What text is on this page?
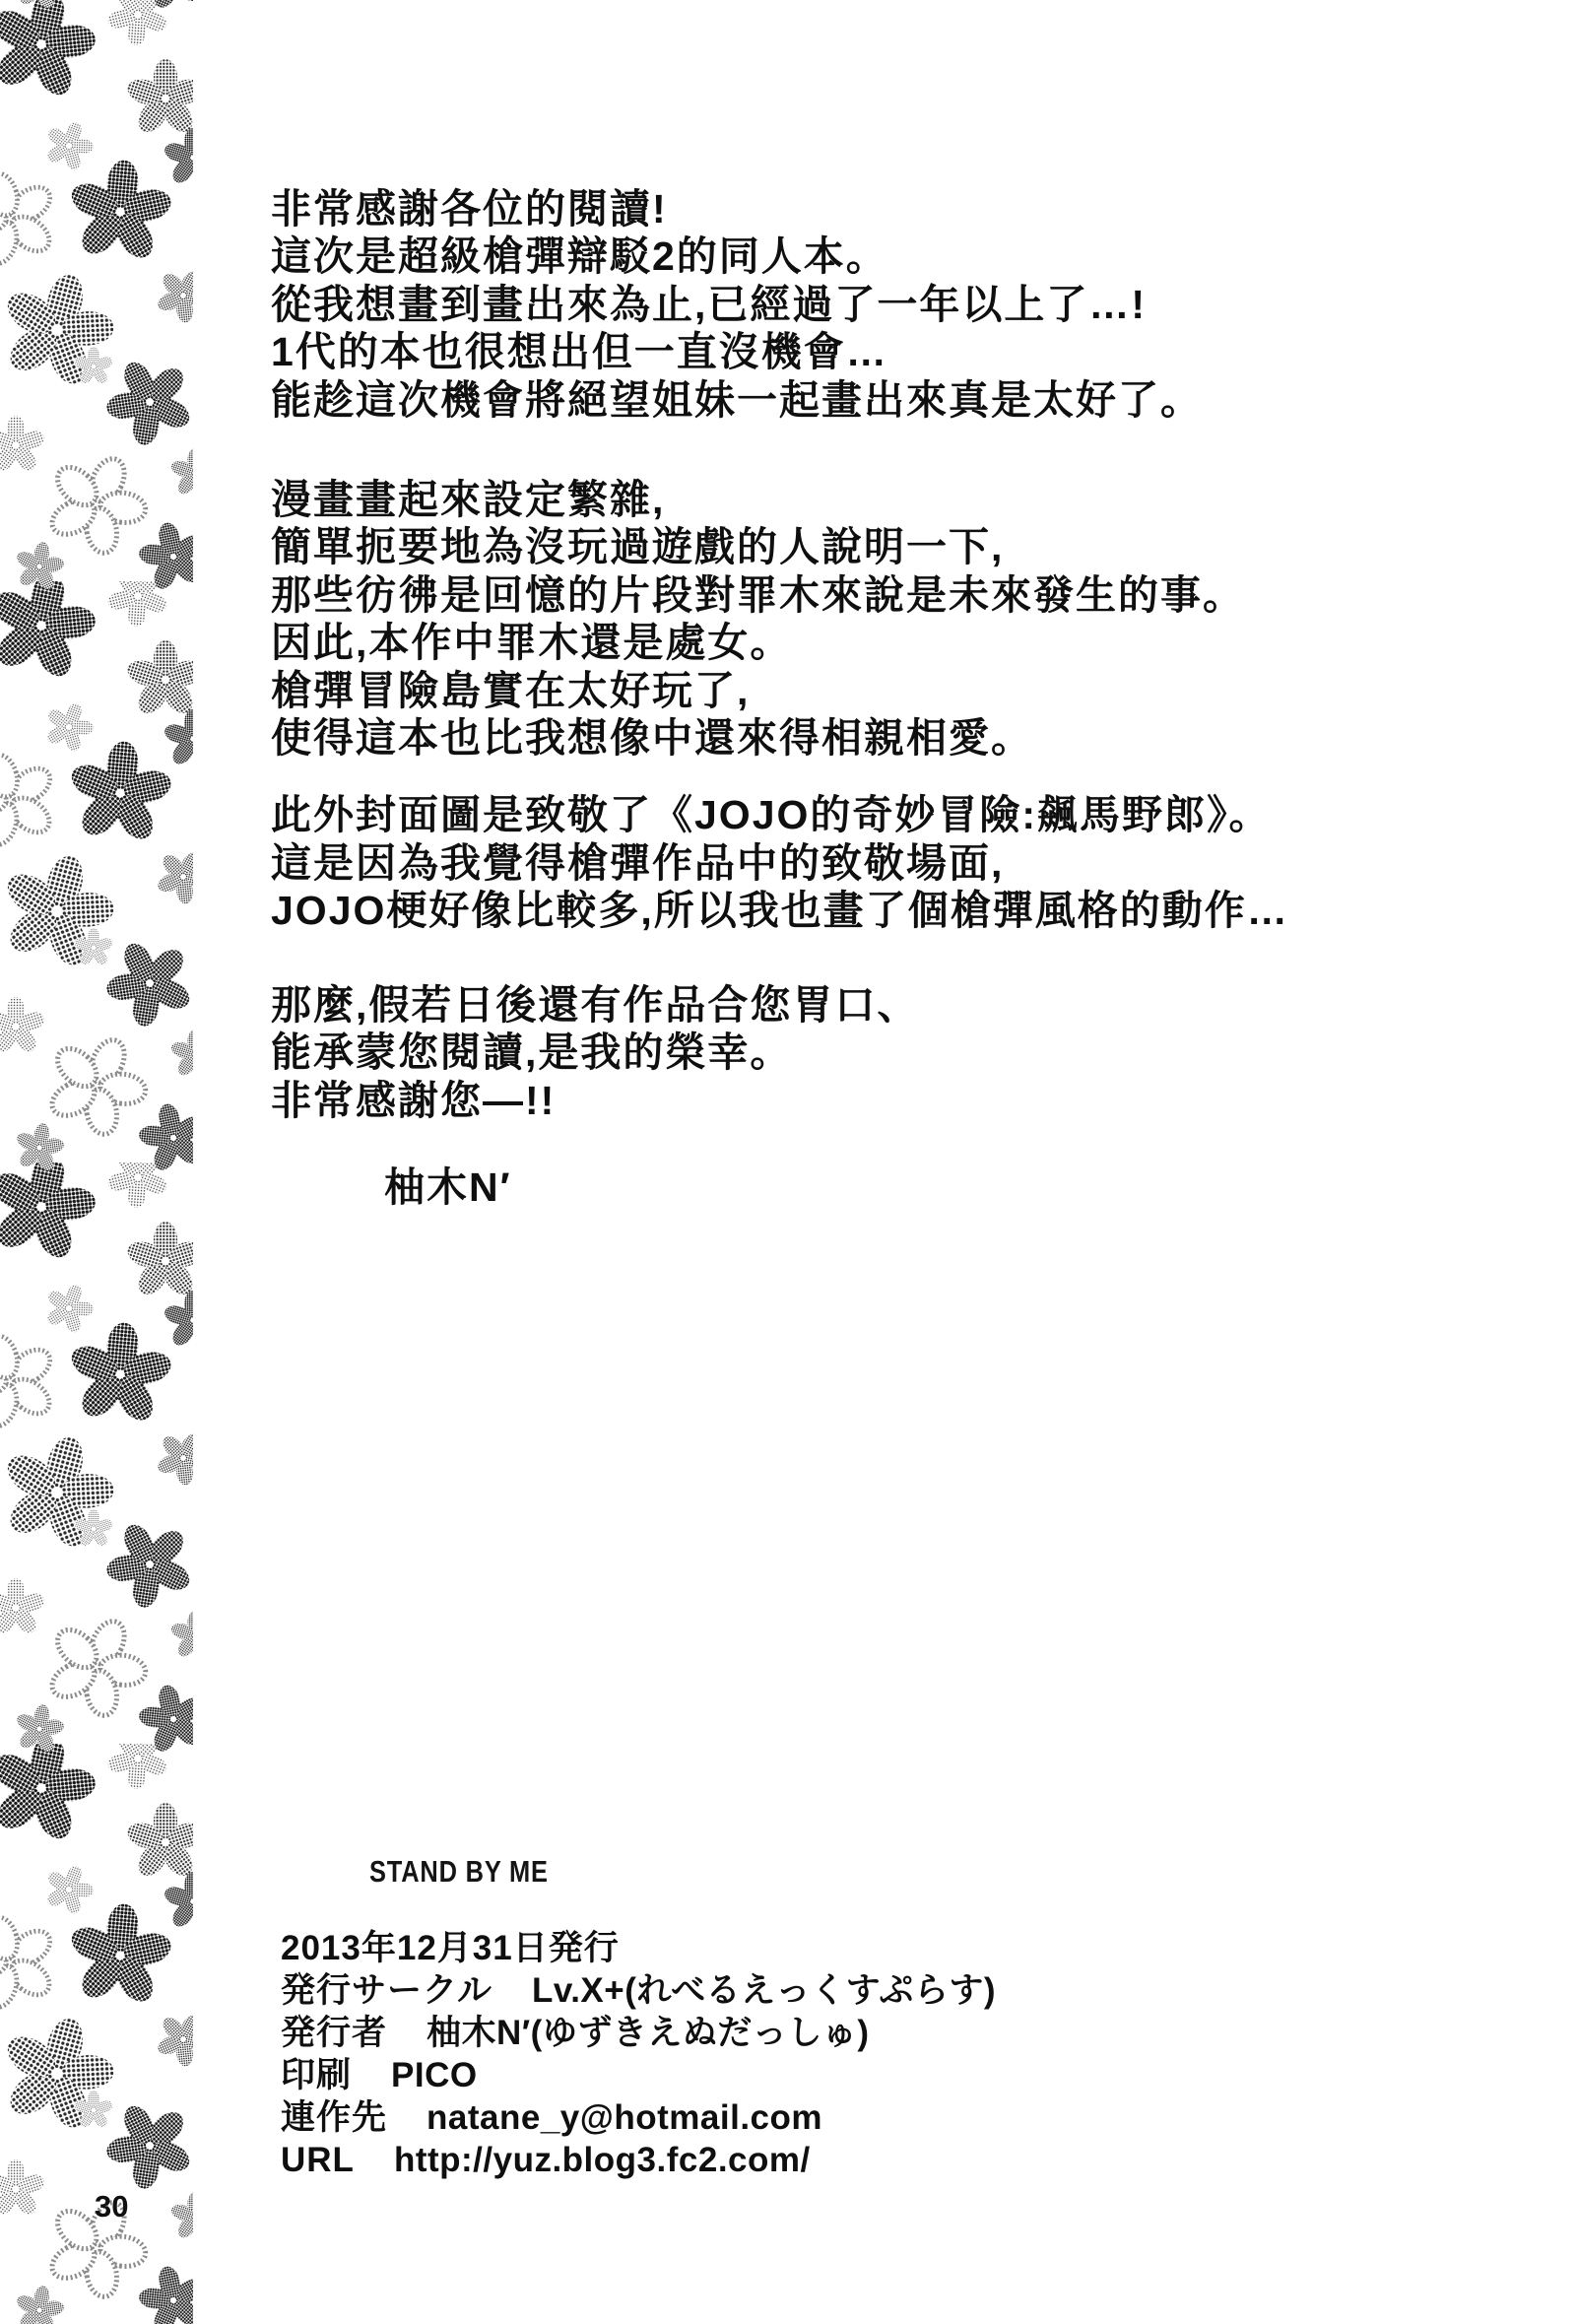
非常感謝各位的閱讀!

這次是超級槍彈辯駁2的同人本。

從我想畫到畫出來為止,已經過了一年以上了…!

1代的本也很想出但一直沒機會…

能趁這次機會將絕望姐妹一起畫出來真是太好了。

漫畫畫起來設定繁雜,

簡單扼要地為沒玩過遊戲的人說明一下,

那些彷彿是回憶的片段對罪木來說是未來發生的事。

因此,本作中罪木還是處女。

槍彈冒險島實在太好玩了,

使得這本也比我想像中還來得相親相愛。

此外封面圖是致敬了《JOJO的奇妙冒險:飆馬野郎》。

這是因為我覺得槍彈作品中的致敬場面,

JOJO梗好像比較多,所以我也畫了個槍彈風格的動作…

那麼,假若日後還有作品合您胃口、

能承蒙您閱讀,是我的榮幸。

非常感謝您—!!

柚木N′

STAND BY ME
2013年12月31日発行
発行サークル Lv.X+(れべるえっくすぷらす)
発行者 柚木N′(ゆずきえぬだっしゅ)
印刷 PICO
連作先 natane_y@hotmail.com
URL http://yuz.blog3.fc2.com/
30
